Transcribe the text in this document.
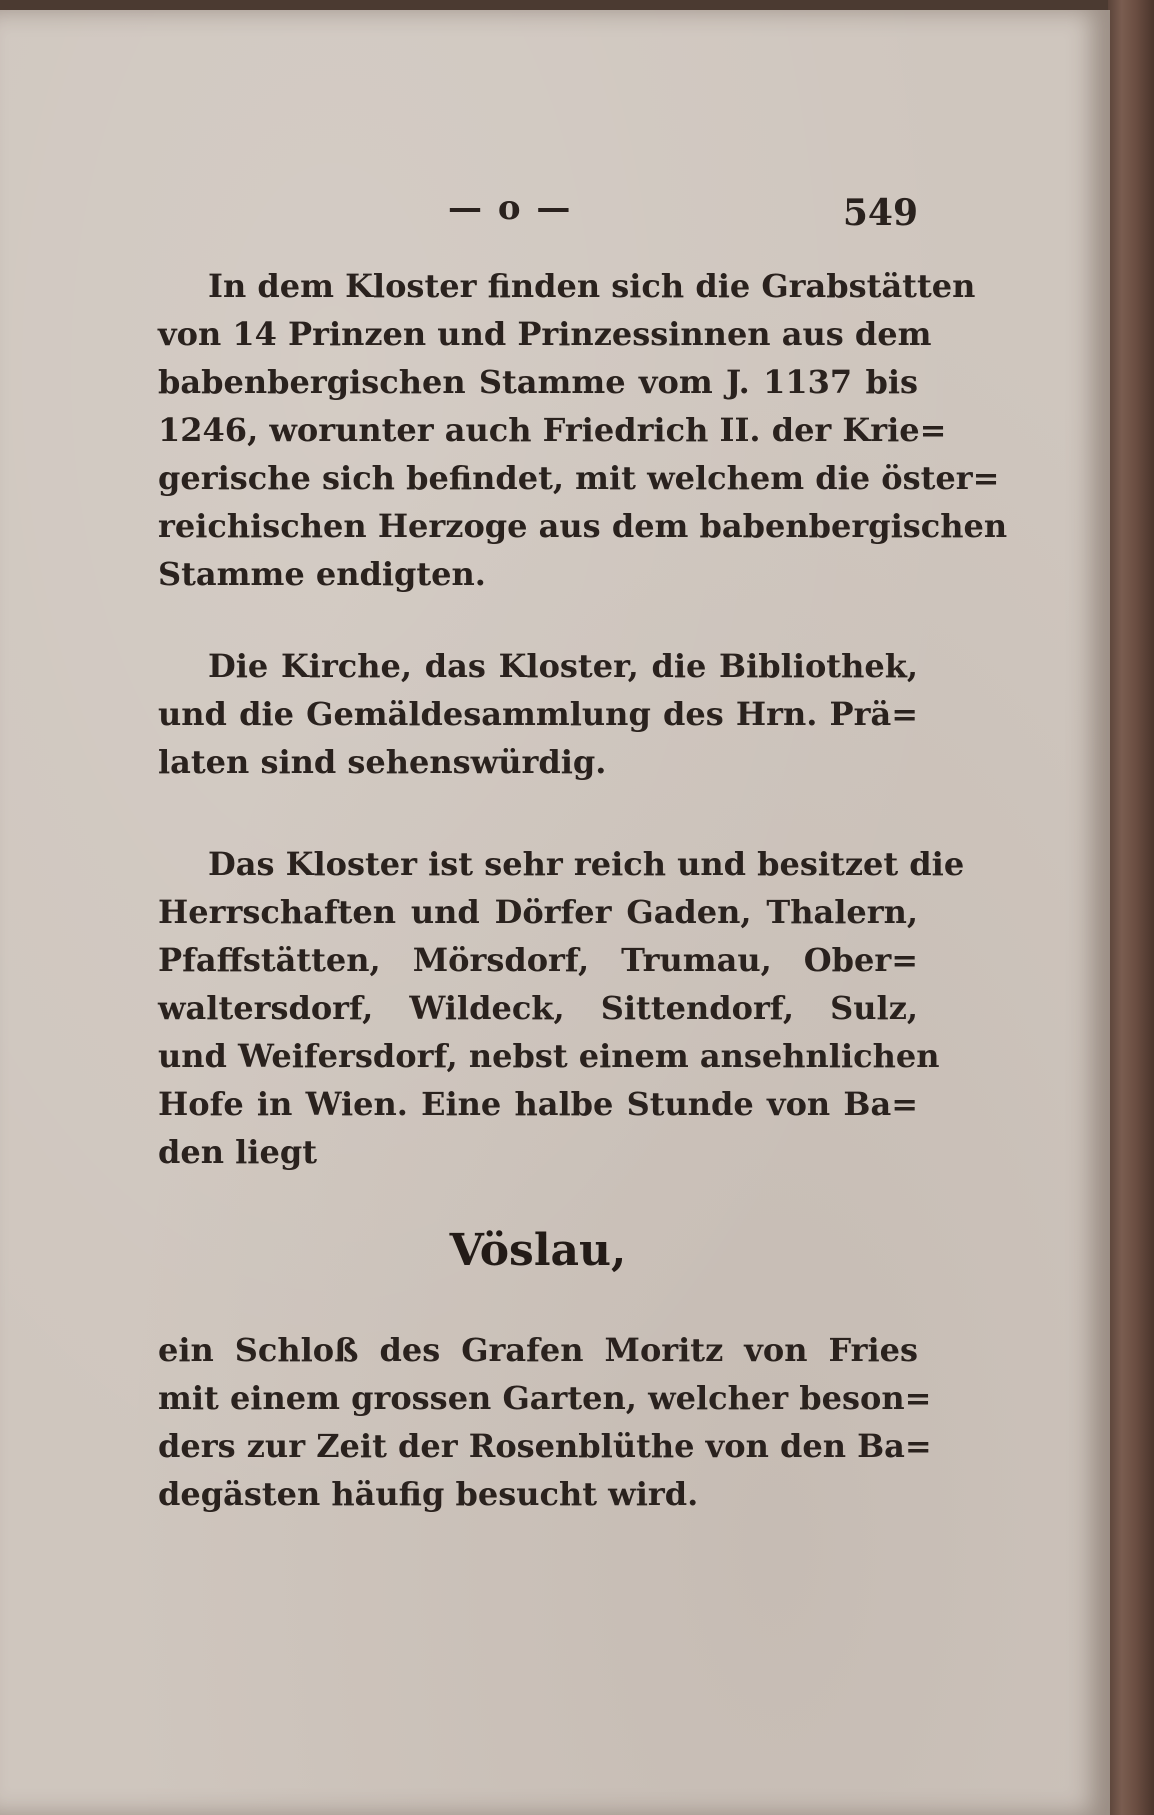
— o —	549
In dem Kloster finden sich die Grabstätten
von 14 Prinzen und Prinzessinnen aus dem
babenbergischen Stamme vom J. 1137 bis
1246, worunter auch Friedrich II. der Krie=
gerische sich befindet, mit welchem die öster=
reichischen Herzoge aus dem babenbergischen
Stamme endigten.
Die Kirche, das Kloster, die Bibliothek,
und die Gemäldesammlung des Hrn. Prä=
laten sind sehenswürdig.
Das Kloster ist sehr reich und besitzet die
Herrschaften und Dörfer Gaden, Thalern,
Pfaffstätten, Mörsdorf, Trumau, Ober=
waltersdorf, Wildeck, Sittendorf, Sulz,
und Weifersdorf, nebst einem ansehnlichen
Hofe in Wien. Eine halbe Stunde von Ba=
den liegt
Vöslau,
ein Schloß des Grafen Moritz von Fries
mit einem grossen Garten, welcher beson=
ders zur Zeit der Rosenblüthe von den Ba=
degästen häufig besucht wird.
